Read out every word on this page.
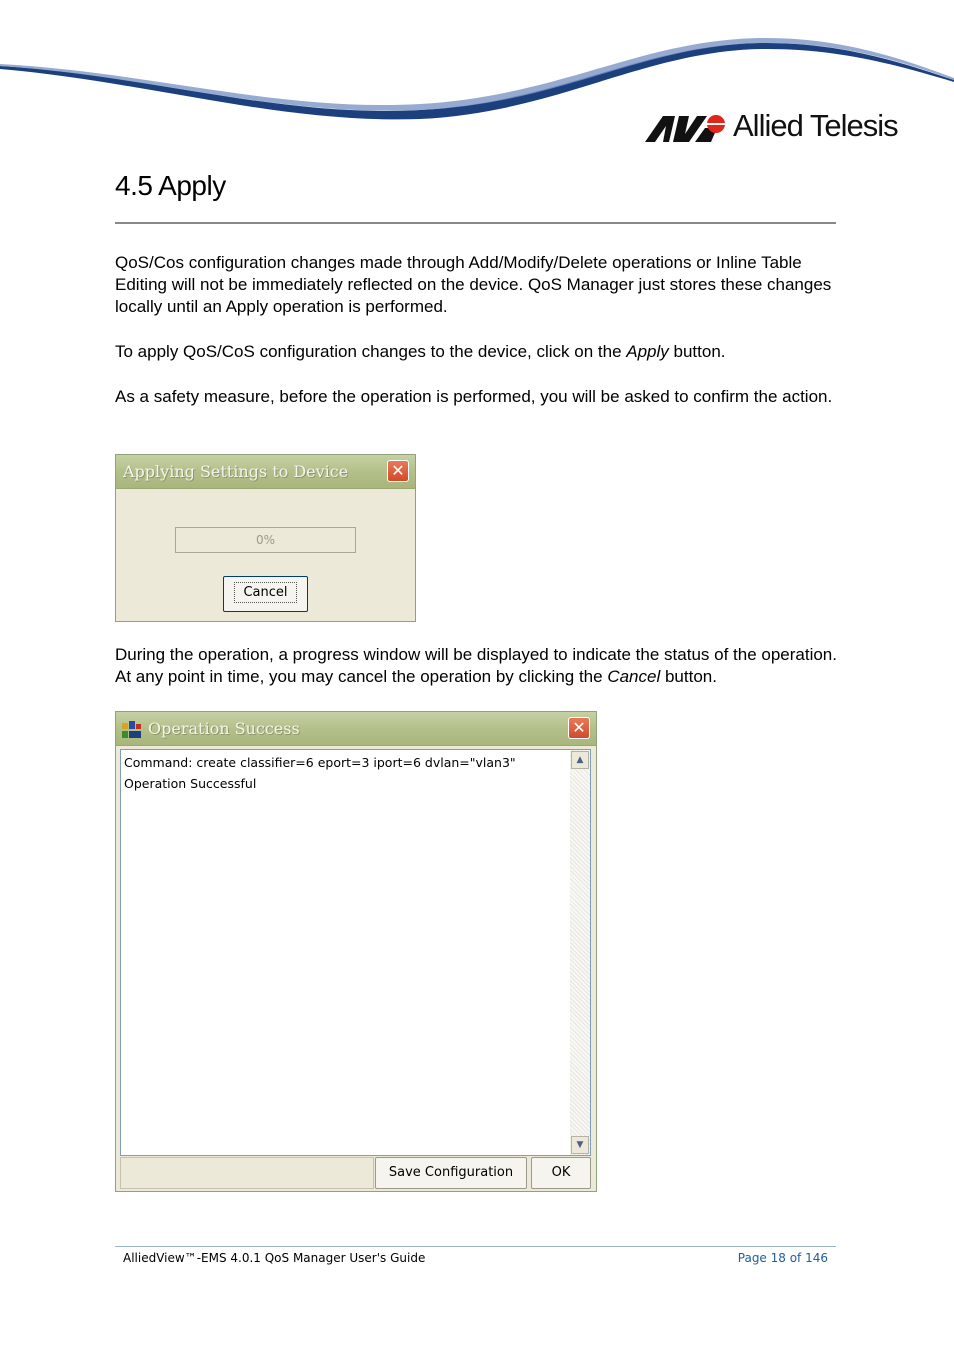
Allied Telesis
4.5 Apply

QoS/Cos configuration changes made through Add/Modify/Delete operations or Inline Table Editing will not be immediately reflected on the device. QoS Manager just stores these changes locally until an Apply operation is performed.

To apply QoS/CoS configuration changes to the device, click on the Apply button.

As a safety measure, before the operation is performed, you will be asked to confirm the action.

Applying Settings to Device	✕
0%
Cancel

During the operation, a progress window will be displayed to indicate the status of the operation. At any point in time, you may cancel the operation by clicking the Cancel button.

Operation Success	✕
Command: create classifier=6 eport=3 iport=6 dvlan="vlan3"
Operation Successful
▲
▼
Save Configuration	OK
AlliedView™-EMS 4.0.1 QoS Manager User's Guide	Page 18 of 146
